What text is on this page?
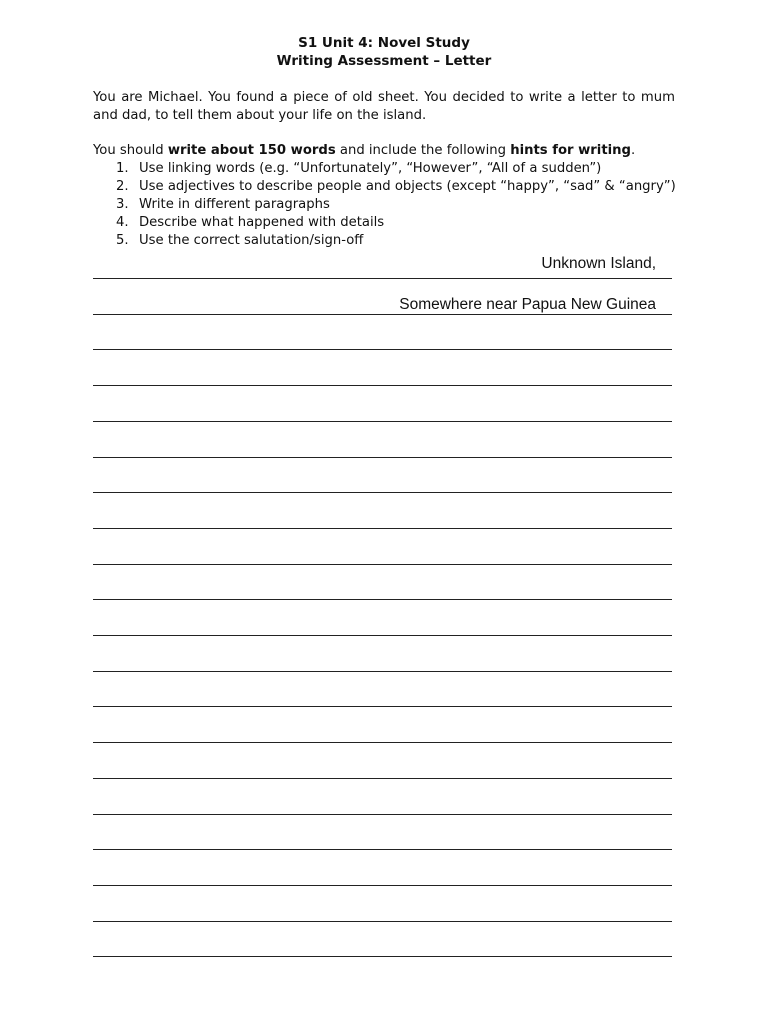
S1 Unit 4: Novel Study
Writing Assessment – Letter
You are Michael. You found a piece of old sheet. You decided to write a letter to mum and dad, to tell them about your life on the island.
You should write about 150 words and include the following hints for writing.
1. Use linking words (e.g. “Unfortunately”, “However”, “All of a sudden”)
2. Use adjectives to describe people and objects (except “happy”, “sad” & “angry”)
3. Write in different paragraphs
4. Describe what happened with details
5. Use the correct salutation/sign-off
Unknown Island,
Somewhere near Papua New Guinea
